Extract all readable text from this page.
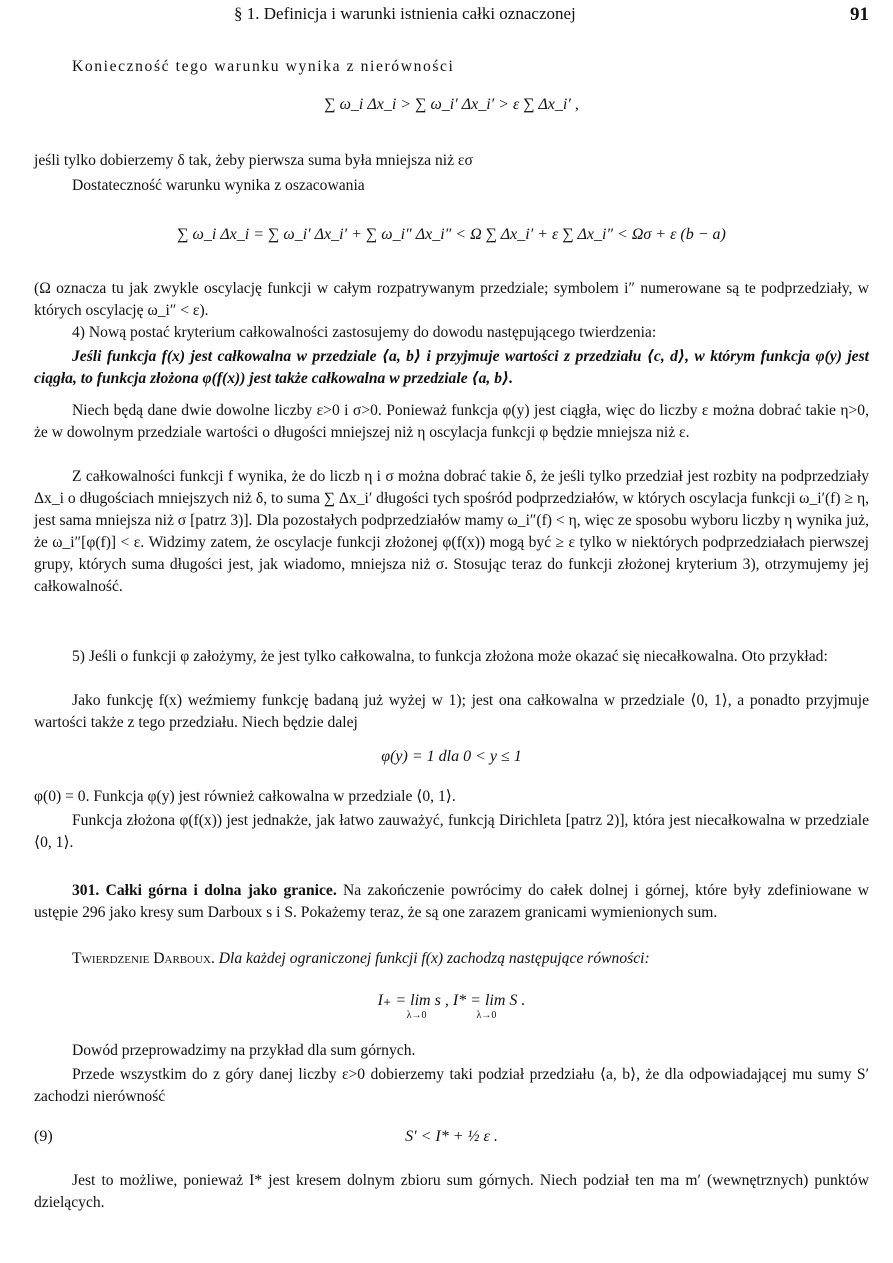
§ 1. Definicja i warunki istnienia całki oznaczonej	91
Konieczność tego warunku wynika z nierówności
∑ ω_i Δx_i > ∑ ω_i′ Δx_i′ > ε ∑ Δx_i′ ,
jeśli tylko dobierzemy δ tak, żeby pierwsza suma była mniejsza niż εσ
Dostateczność warunku wynika z oszacowania
∑ ω_i Δx_i = ∑ ω_i′ Δx_i′ + ∑ ω_i″ Δx_i″ < Ω ∑ Δx_i′ + ε ∑ Δx_i″ < Ωσ + ε (b − a)
(Ω oznacza tu jak zwykle oscylację funkcji w całym rozpatrywanym przedziale; symbolem i″ numerowane są te podprzedziały, w których oscylację ω_i″ < ε).
4) Nową postać kryterium całkowalności zastosujemy do dowodu następującego twierdzenia:
Jeśli funkcja f(x) jest całkowalna w przedziale ⟨a, b⟩ i przyjmuje wartości z przedziału ⟨c, d⟩, w którym funkcja φ(y) jest ciągła, to funkcja złożona φ(f(x)) jest także całkowalna w przedziale ⟨a, b⟩.
Niech będą dane dwie dowolne liczby ε>0 i σ>0. Ponieważ funkcja φ(y) jest ciągła, więc do liczby ε można dobrać takie η>0, że w dowolnym przedziale wartości o długości mniejszej niż η oscylacja funkcji φ będzie mniejsza niż ε.
Z całkowalności funkcji f wynika, że do liczb η i σ można dobrać takie δ, że jeśli tylko przedział jest rozbity na podprzedziały Δx_i o długościach mniejszych niż δ, to suma ∑ Δx_i′ długości tych spośród podprzedziałów, w których oscylacja funkcji ω_i′(f) ≥ η, jest sama mniejsza niż σ [patrz 3)]. Dla pozostałych podprzedziałów mamy ω_i″(f) < η, więc ze sposobu wyboru liczby η wynika już, że ω_i″[φ(f)] < ε. Widzimy zatem, że oscylacje funkcji złożonej φ(f(x)) mogą być ≥ ε tylko w niektórych podprzedziałach pierwszej grupy, których suma długości jest, jak wiadomo, mniejsza niż σ. Stosując teraz do funkcji złożonej kryterium 3), otrzymujemy jej całkowalność.
5) Jeśli o funkcji φ założymy, że jest tylko całkowalna, to funkcja złożona może okazać się niecałkowalna. Oto przykład:
Jako funkcję f(x) weźmiemy funkcję badaną już wyżej w 1); jest ona całkowalna w przedziale ⟨0, 1⟩, a ponadto przyjmuje wartości także z tego przedziału. Niech będzie dalej
φ(y) = 1 dla 0 < y ≤ 1
φ(0) = 0. Funkcja φ(y) jest również całkowalna w przedziale ⟨0, 1⟩.
Funkcja złożona φ(f(x)) jest jednakże, jak łatwo zauważyć, funkcją Dirichleta [patrz 2)], która jest niecałkowalna w przedziale ⟨0, 1⟩.
301. Całki górna i dolna jako granice. Na zakończenie powrócimy do całek dolnej i górnej, które były zdefiniowane w ustępie 296 jako kresy sum Darboux s i S. Pokażemy teraz, że są one zarazem granicami wymienionych sum.
Twierdzenie Darboux. Dla każdej ograniczonej funkcji f(x) zachodzą następujące równości:
I₊ = lim s , I* = lim S .
λ→0                    λ→0
Dowód przeprowadzimy na przykład dla sum górnych.
Przede wszystkim do z góry danej liczby ε>0 dobierzemy taki podział przedziału ⟨a, b⟩, że dla odpowiadającej mu sumy S′ zachodzi nierówność
(9)	S′ < I* + ½ ε .
Jest to możliwe, ponieważ I* jest kresem dolnym zbioru sum górnych. Niech podział ten ma m′ (wewnętrznych) punktów dzielących.
